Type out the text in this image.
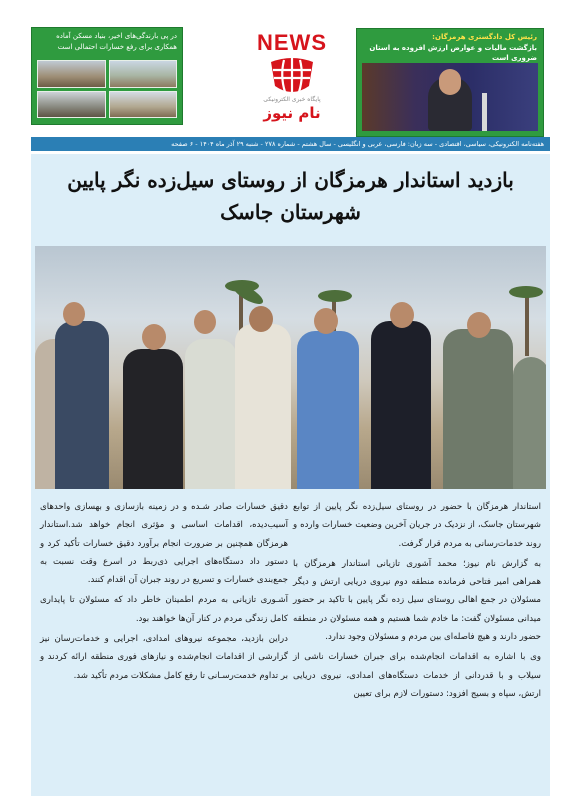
در پی بارندگی‌های اخیر، بنیاد مسکن آماده همکاری برای رفع خسارات احتمالی است	NEWS
پایگاه خبری الکترونیکی
نام نیوز
رئیس کل دادگستری هرمزگان:
بازگشت مالیات و عوارض ارزش افزوده به استان ضروری است
هفته‌نامه الکترونیکی، سیاسی، اقتصادی - سه زبان: فارسی، عربی و انگلیسی - سال هشتم - شماره ۲۷۸ - شنبه ۲۹ آذر ماه ۱۴۰۴ - ۶ صفحه
بازدید استاندار هرمزگان از روستای سیل‌زده نگر پایین
شهرستان جاسک

استاندار هرمزگان با حضور در روستای سیل‌زده نگر پایین از توابع شهرستان جاسک، از نزدیک در جریان آخرین وضعیت خسارات وارده و روند خدمات‌رسانی به مردم قرار گرفت.

به گزارش نام نیوز؛ محمد آشوری تازیانی استاندار هرمزگان با همراهی امیر فتاحی فرمانده منطقه دوم نیروی دریایی ارتش و دیگر مسئولان در جمع اهالی روستای سیل زده نگر پایین با تاکید بر حضور میدانی مسئولان گفت: ما خادم شما هستیم و همه مسئولان در منطقه حضور دارند و هیچ فاصله‌ای بین مردم و مسئولان وجود ندارد.

وی با اشاره به اقدامات انجام‌شده برای جبران خسارات ناشی از سیلاب و با قدردانی از خدمات دستگاه‌های امدادی، نیروی دریایی ارتش، سپاه و بسیج افزود: دستورات لازم برای تعیین

دقیق خسارات صادر شـده و در زمینه بازسازی و بهسازی واحدهای آسیب‌دیده، اقدامات اساسی و مؤثری انجام خواهد شد.استاندار هرمزگان همچنین بر ضرورت انجام برآورد دقیق خسارات تأکید کرد و دستور داد دستگاه‌های اجرایی ذی‌ربط در اسرع وقت نسبت به جمع‌بندی خسارات و تسریع در روند جبران آن اقدام کنند.

آشـوری تازیانی به مردم اطمینان خاطر داد که مسئولان تا پایداری کامل زندگی مردم در کنار آن‌ها خواهند بود.

دراین بازدید، مجموعه نیروهای امدادی، اجرایی و خدمات‌رسان نیز گزارشی از اقدامات انجام‌شده و نیازهای فوری منطقه ارائه کردند و بر تداوم خدمت‌رسـانی تا رفع کامل مشکلات مردم تأکید شد.
